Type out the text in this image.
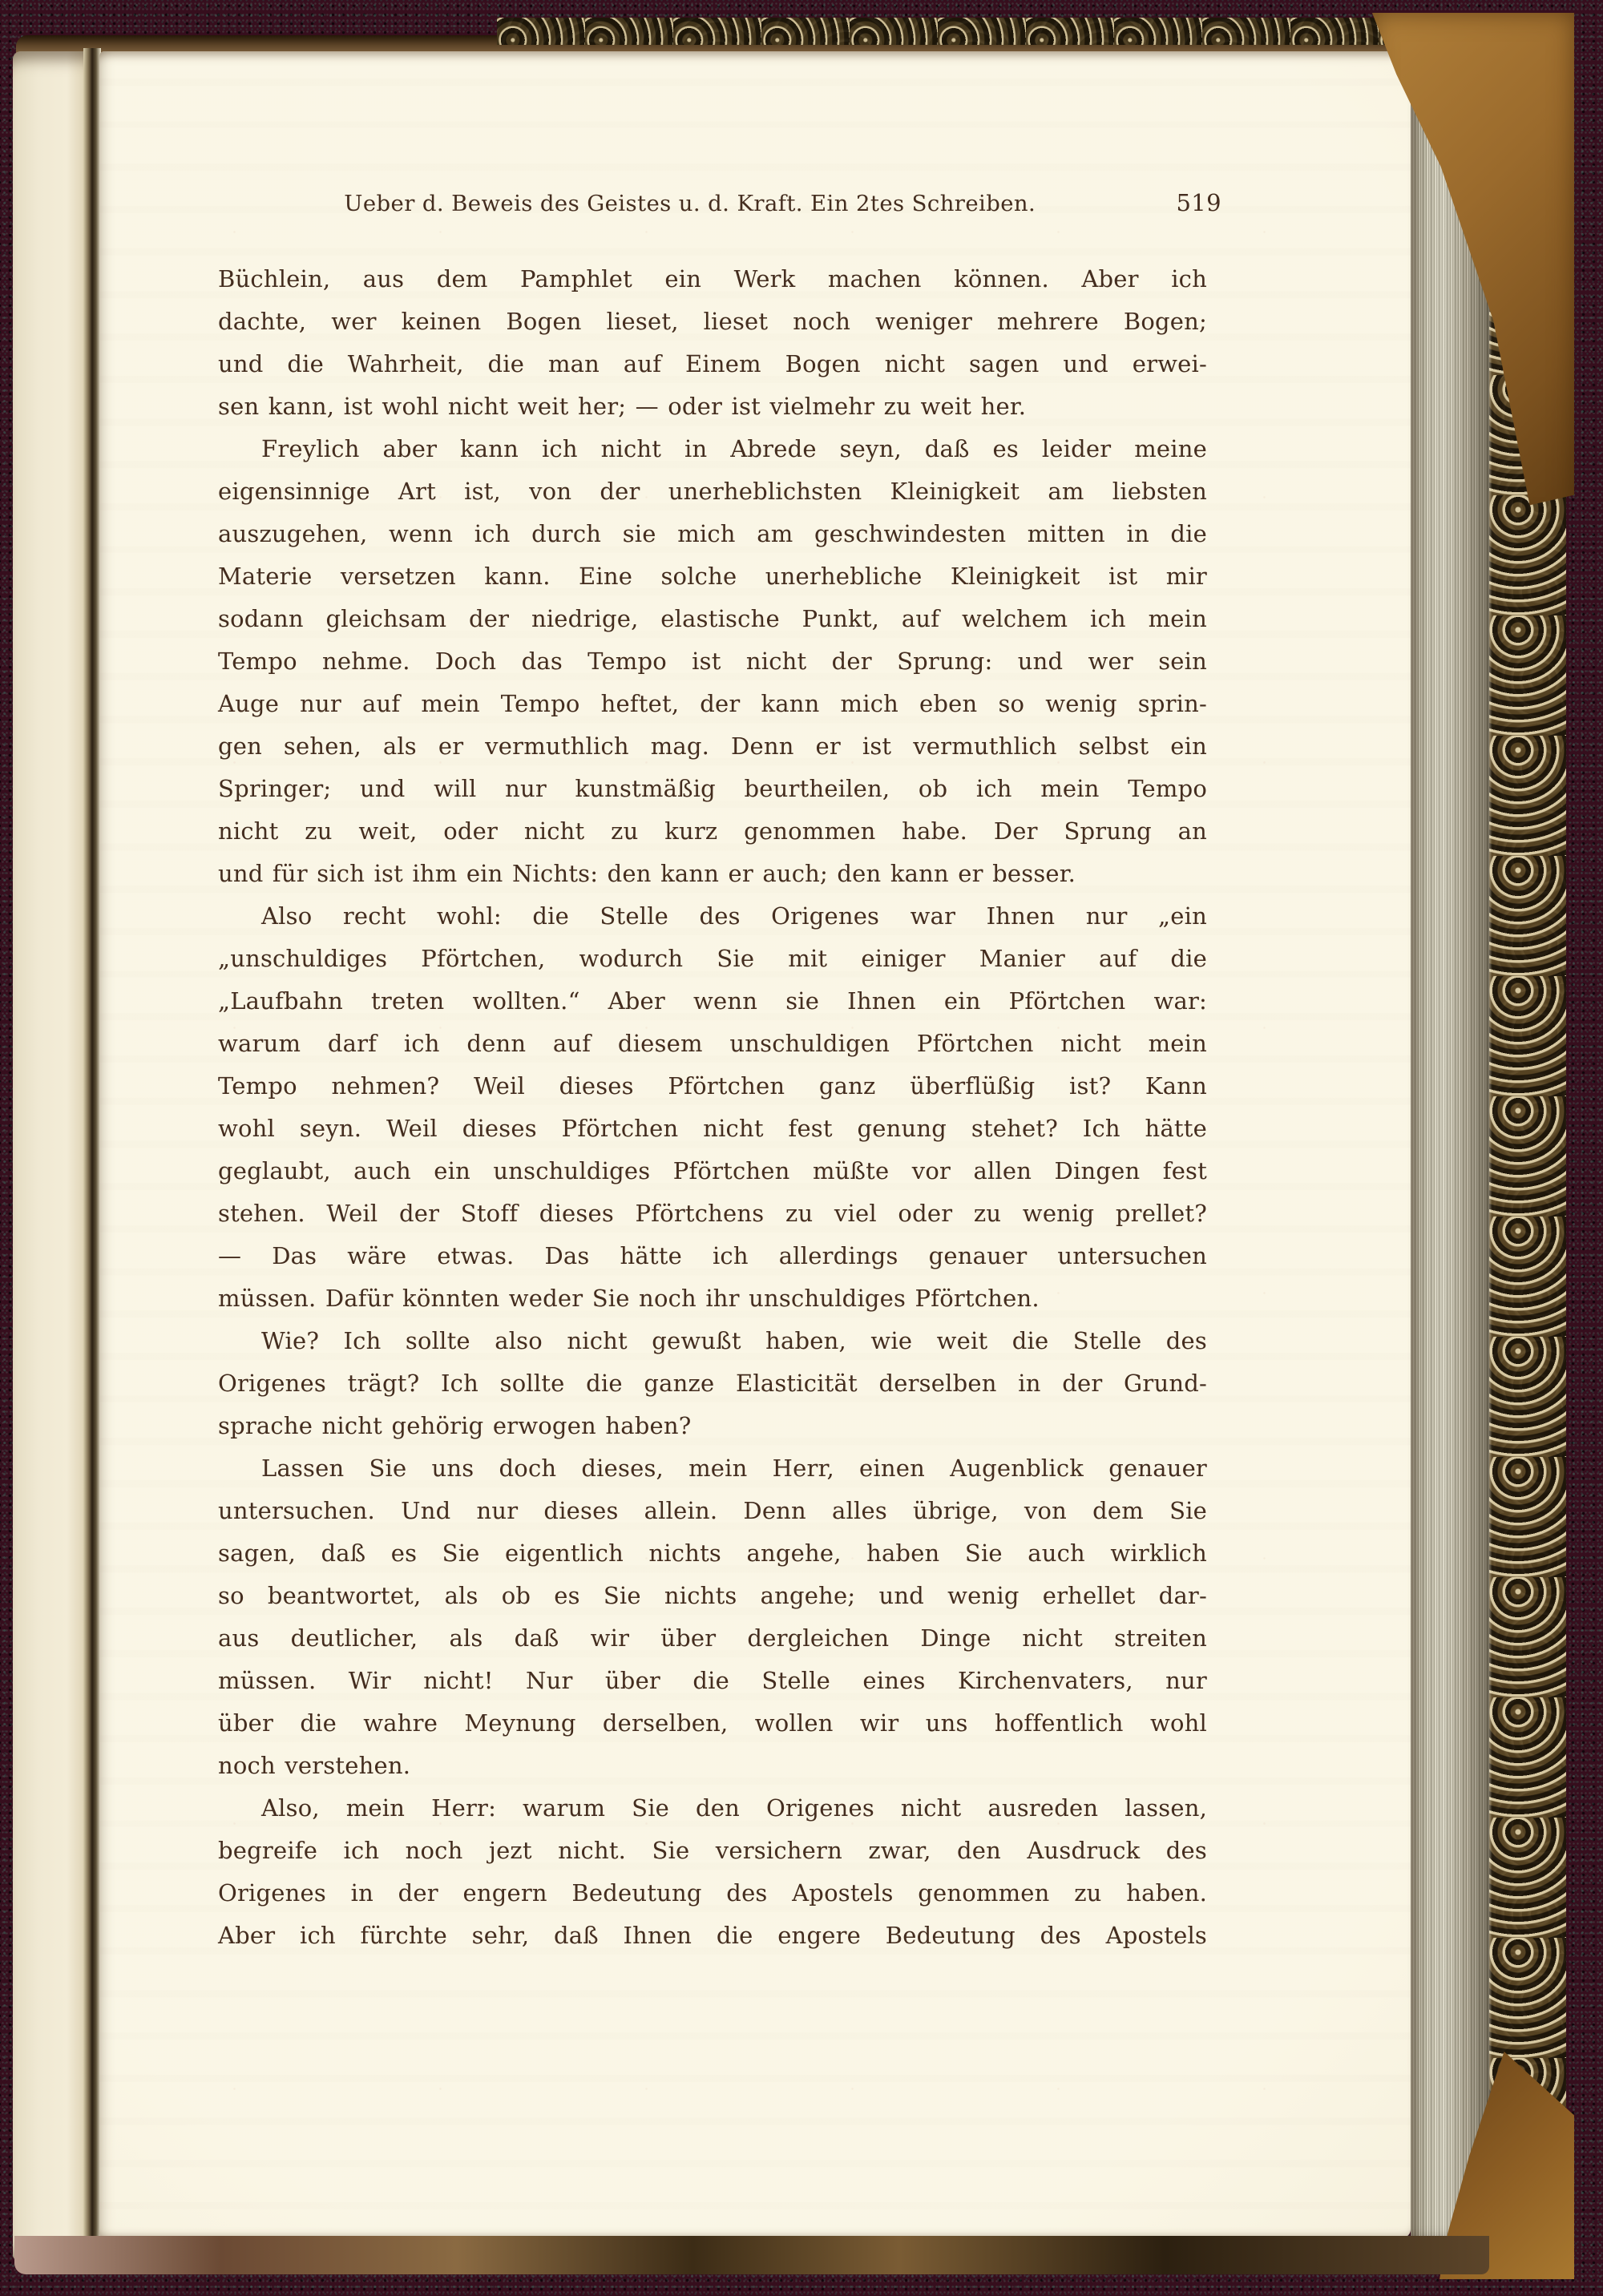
Ueber d. Beweis des Geistes u. d. Kraft. Ein 2tes Schreiben.	519
Büchlein, aus dem Pamphlet ein Werk machen können. Aber ich
dachte, wer keinen Bogen lieset, lieset noch weniger mehrere Bogen;
und die Wahrheit, die man auf Einem Bogen nicht sagen und erwei-
sen kann, ist wohl nicht weit her; — oder ist vielmehr zu weit her.
Freylich aber kann ich nicht in Abrede seyn, daß es leider meine
eigensinnige Art ist, von der unerheblichsten Kleinigkeit am liebsten
auszugehen, wenn ich durch sie mich am geschwindesten mitten in die
Materie versetzen kann. Eine solche unerhebliche Kleinigkeit ist mir
sodann gleichsam der niedrige, elastische Punkt, auf welchem ich mein
Tempo nehme. Doch das Tempo ist nicht der Sprung: und wer sein
Auge nur auf mein Tempo heftet, der kann mich eben so wenig sprin-
gen sehen, als er vermuthlich mag. Denn er ist vermuthlich selbst ein
Springer; und will nur kunstmäßig beurtheilen, ob ich mein Tempo
nicht zu weit, oder nicht zu kurz genommen habe. Der Sprung an
und für sich ist ihm ein Nichts: den kann er auch; den kann er besser.
Also recht wohl: die Stelle des Origenes war Ihnen nur „ein
„unschuldiges Pförtchen, wodurch Sie mit einiger Manier auf die
„Laufbahn treten wollten.“ Aber wenn sie Ihnen ein Pförtchen war:
warum darf ich denn auf diesem unschuldigen Pförtchen nicht mein
Tempo nehmen? Weil dieses Pförtchen ganz überflüßig ist? Kann
wohl seyn. Weil dieses Pförtchen nicht fest genung stehet? Ich hätte
geglaubt, auch ein unschuldiges Pförtchen müßte vor allen Dingen fest
stehen. Weil der Stoff dieses Pförtchens zu viel oder zu wenig prellet?
— Das wäre etwas. Das hätte ich allerdings genauer untersuchen
müssen. Dafür könnten weder Sie noch ihr unschuldiges Pförtchen.
Wie? Ich sollte also nicht gewußt haben, wie weit die Stelle des
Origenes trägt? Ich sollte die ganze Elasticität derselben in der Grund-
sprache nicht gehörig erwogen haben?
Lassen Sie uns doch dieses, mein Herr, einen Augenblick genauer
untersuchen. Und nur dieses allein. Denn alles übrige, von dem Sie
sagen, daß es Sie eigentlich nichts angehe, haben Sie auch wirklich
so beantwortet, als ob es Sie nichts angehe; und wenig erhellet dar-
aus deutlicher, als daß wir über dergleichen Dinge nicht streiten
müssen. Wir nicht! Nur über die Stelle eines Kirchenvaters, nur
über die wahre Meynung derselben, wollen wir uns hoffentlich wohl
noch verstehen.
Also, mein Herr: warum Sie den Origenes nicht ausreden lassen,
begreife ich noch jezt nicht. Sie versichern zwar, den Ausdruck des
Origenes in der engern Bedeutung des Apostels genommen zu haben.
Aber ich fürchte sehr, daß Ihnen die engere Bedeutung des Apostels
